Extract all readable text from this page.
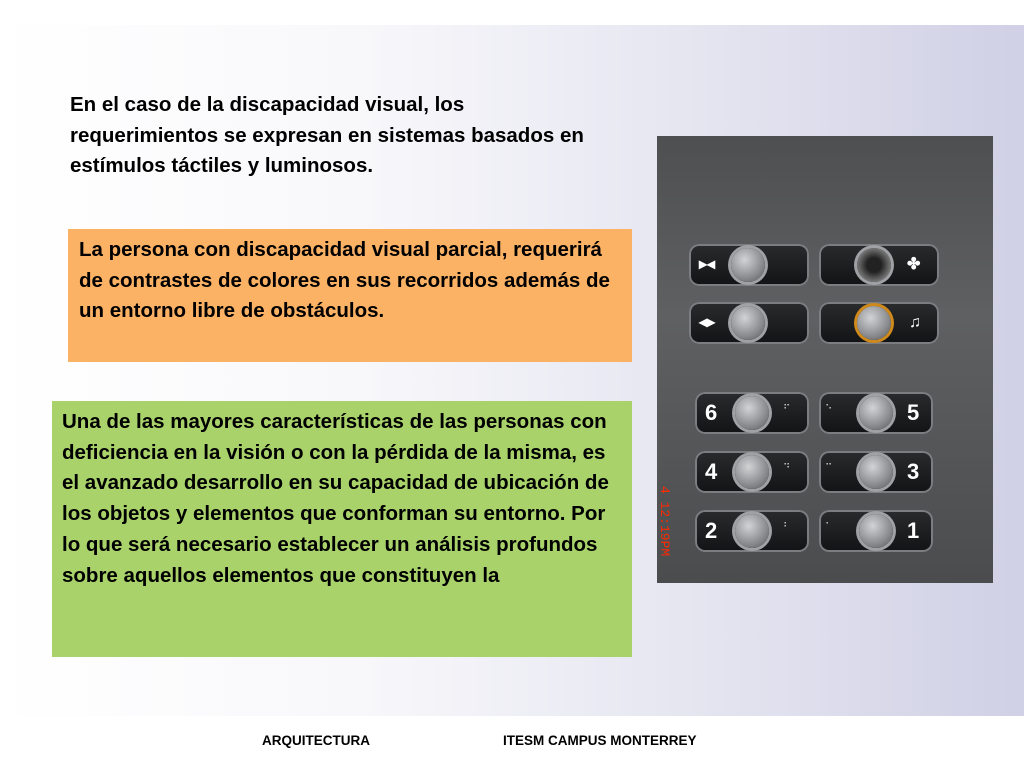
En el caso de la discapacidad visual, los requerimientos se expresan en sistemas basados en estímulos táctiles y luminosos.
La persona con discapacidad visual parcial, requerirá de contrastes de colores en sus recorridos además de un entorno libre de obstáculos.
Una de las mayores características de las personas con deficiencia en la visión o con la pérdida de la misma, es el avanzado desarrollo en su capacidad de ubicación de los objetos y elementos que conforman su entorno. Por lo que será necesario establecer un análisis profundos sobre aquellos elementos que constituyen la
▸◂	✤
◂▸	♫
6	⠋	⠑	5
4	⠙	⠉	3
2	⠃	⠁	1
4 12:19PM
ARQUITECTURA	ITESM CAMPUS MONTERREY
